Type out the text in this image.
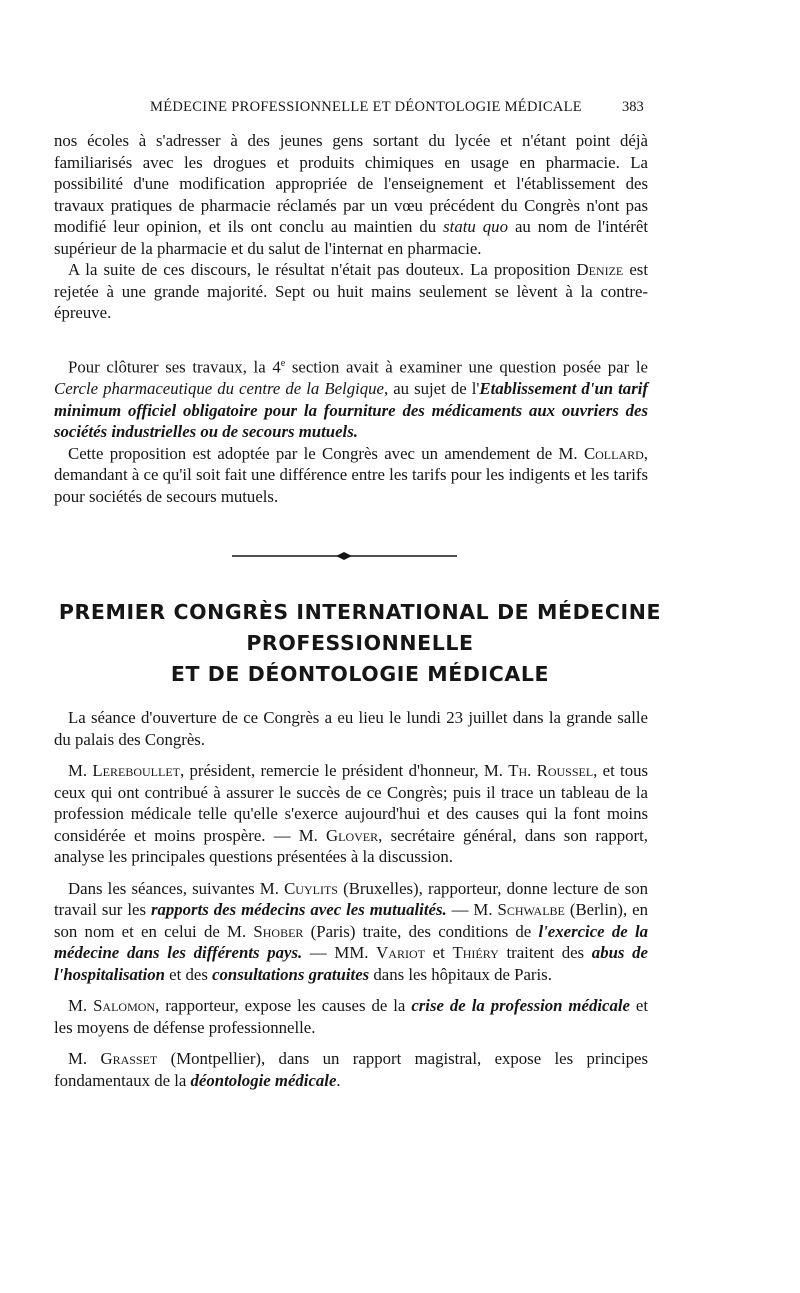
MÉDECINE PROFESSIONNELLE ET DÉONTOLOGIE MÉDICALE	383

nos écoles à s'adresser à des jeunes gens sortant du lycée et n'étant point déjà familiarisés avec les drogues et produits chimiques en usage en pharmacie. La possibilité d'une modification appropriée de l'enseignement et l'établissement des travaux pratiques de pharmacie réclamés par un vœu précédent du Congrès n'ont pas modifié leur opinion, et ils ont conclu au maintien du statu quo au nom de l'intérêt supérieur de la pharmacie et du salut de l'internat en pharmacie.

A la suite de ces discours, le résultat n'était pas douteux. La proposition Denize est rejetée à une grande majorité. Sept ou huit mains seulement se lèvent à la contre-épreuve.

Pour clôturer ses travaux, la 4e section avait à examiner une question posée par le Cercle pharmaceutique du centre de la Belgique, au sujet de l'Etablissement d'un tarif minimum officiel obligatoire pour la fourniture des médicaments aux ouvriers des sociétés industrielles ou de secours mutuels.

Cette proposition est adoptée par le Congrès avec un amendement de M. Collard, demandant à ce qu'il soit fait une différence entre les tarifs pour les indigents et les tarifs pour sociétés de secours mutuels.

PREMIER CONGRÈS INTERNATIONAL DE MÉDECINE
PROFESSIONNELLE
ET DE DÉONTOLOGIE MÉDICALE

La séance d'ouverture de ce Congrès a eu lieu le lundi 23 juillet dans la grande salle du palais des Congrès.

M. Lereboullet, président, remercie le président d'honneur, M. Th. Roussel, et tous ceux qui ont contribué à assurer le succès de ce Congrès; puis il trace un tableau de la profession médicale telle qu'elle s'exerce aujourd'hui et des causes qui la font moins considérée et moins prospère. — M. Glover, secrétaire général, dans son rapport, analyse les principales questions présentées à la discussion.

Dans les séances, suivantes M. Cuylits (Bruxelles), rapporteur, donne lecture de son travail sur les rapports des médecins avec les mutualités. — M. Schwalbe (Berlin), en son nom et en celui de M. Shober (Paris) traite, des conditions de l'exercice de la médecine dans les différents pays. — MM. Variot et Thiéry traitent des abus de l'hospitalisation et des consultations gratuites dans les hôpitaux de Paris.

M. Salomon, rapporteur, expose les causes de la crise de la profession médicale et les moyens de défense professionnelle.

M. Grasset (Montpellier), dans un rapport magistral, expose les principes fondamentaux de la déontologie médicale.
